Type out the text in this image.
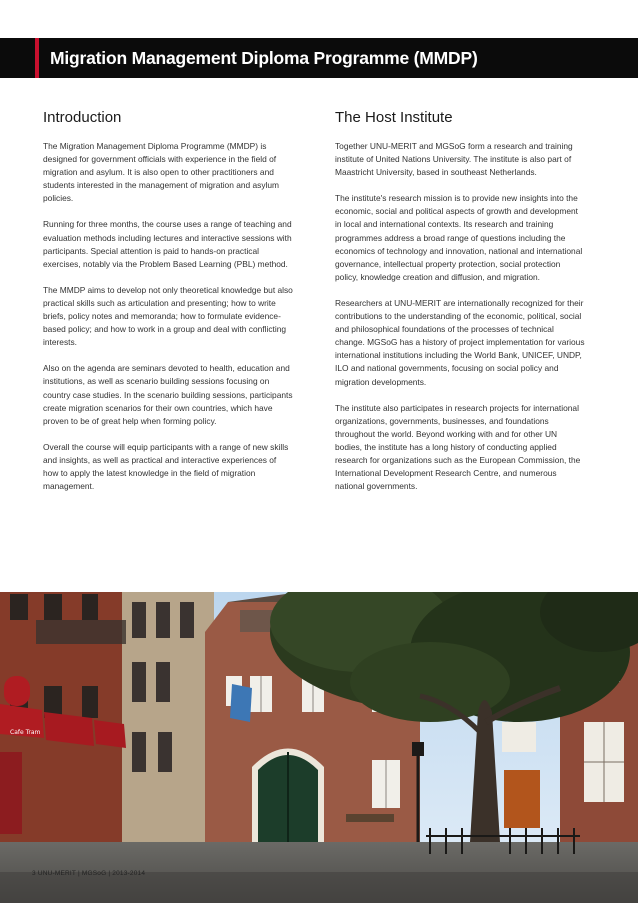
Migration Management Diploma Programme (MMDP)
Introduction

The Migration Management Diploma Programme (MMDP) is designed for government officials with experience in the field of migration and asylum. It is also open to other practitioners and students interested in the management of migration and asylum policies.

Running for three months, the course uses a range of teaching and evaluation methods including lectures and interactive sessions with participants. Special attention is paid to hands-on practical exercises, notably via the Problem Based Learning (PBL) method.

The MMDP aims to develop not only theoretical knowledge but also practical skills such as articulation and presenting; how to write briefs, policy notes and memoranda; how to formulate evidence-based policy; and how to work in a group and deal with conflicting interests.

Also on the agenda are seminars devoted to health, education and institutions, as well as scenario building sessions focusing on country case studies. In the scenario building sessions, participants create migration scenarios for their own countries, which have proven to be of great help when forming policy.

Overall the course will equip participants with a range of new skills and insights, as well as practical and interactive experiences of how to apply the latest knowledge in the field of migration management.

The Host Institute

Together UNU-MERIT and MGSoG form a research and training institute of United Nations University. The institute is also part of Maastricht University, based in southeast Netherlands.

The institute's research mission is to provide new insights into the economic, social and political aspects of growth and development in local and international contexts. Its research and training programmes address a broad range of questions including the economics of technology and innovation, national and international governance, intellectual property protection, social protection policy, knowledge creation and diffusion, and migration.

Researchers at UNU-MERIT are internationally recognized for their contributions to the understanding of the economic, political, social and philosophical foundations of the processes of technical change. MGSoG has a history of project implementation for various international institutions including the World Bank, UNICEF, UNDP, ILO and national governments, focusing on social policy and migration developments.

The institute also participates in research projects for international organizations, governments, businesses, and foundations throughout the world. Beyond working with and for other UN bodies, the institute has a long history of conducting applied research for organizations such as the European Commission, the International Development Research Centre, and numerous national governments.

Cafe Tram
3 UNU-MERIT | MGSoG | 2013-2014
